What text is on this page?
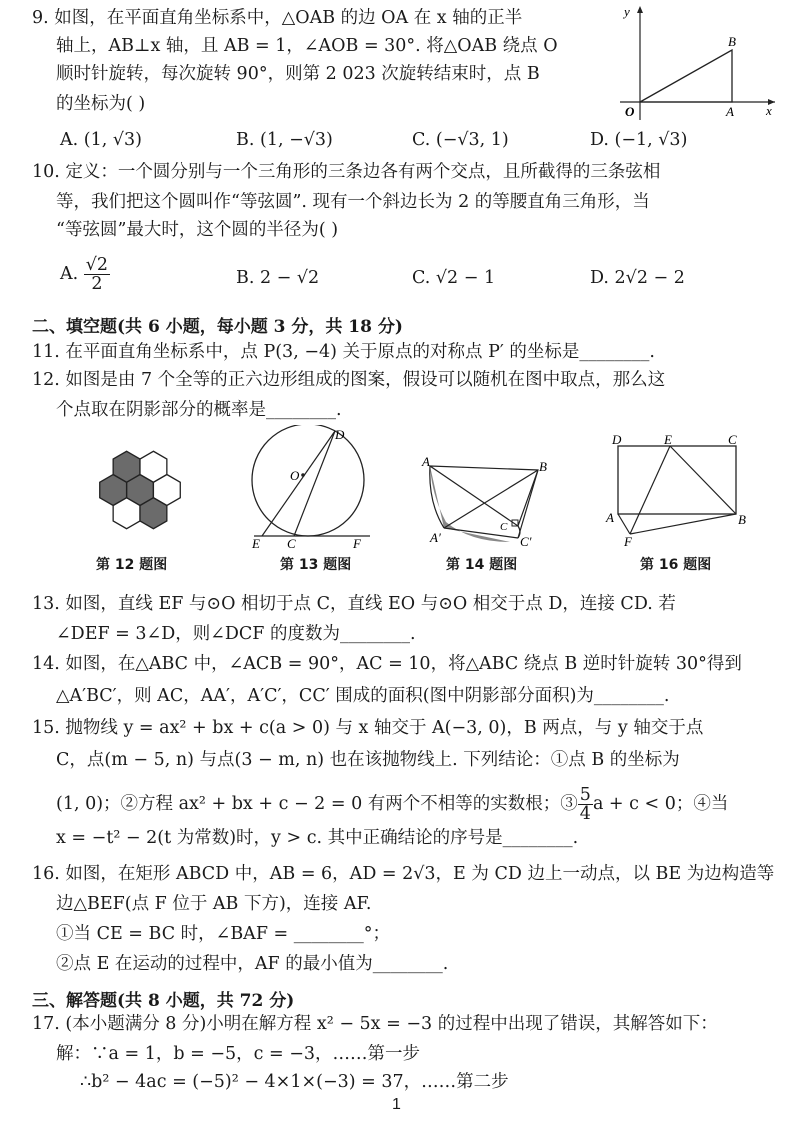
9. 如图，在平面直角坐标系中，△OAB 的边 OA 在 x 轴的正半
轴上，AB⊥x 轴，且 AB = 1，∠AOB = 30°. 将△OAB 绕点 O
顺时针旋转，每次旋转 90°，则第 2 023 次旋转结束时，点 B
的坐标为( )
y
x
O	A
B
A. (1, √3)	B. (1, −√3)	C. (−√3, 1)	D. (−1, √3)
10. 定义：一个圆分别与一个三角形的三条边各有两个交点，且所截得的三条弦相
等，我们把这个圆叫作“等弦圆”. 现有一个斜边长为 2 的等腰直角三角形，当
“等弦圆”最大时，这个圆的半径为( )
A. $\frac{√2}{2}$	B. 2 − √2	C. √2 − 1	D. 2√2 − 2
二、填空题(共 6 小题，每小题 3 分，共 18 分)
11. 在平面直角坐标系中，点 P(3, −4) 关于原点的对称点 P′ 的坐标是________.
12. 如图是由 7 个全等的正六边形组成的图案，假设可以随机在图中取点，那么这
个点取在阴影部分的概率是________.
D
O
E C	F
A	B
A′	C′
C
D	E	C
A	B
F
第 12 题图	第 13 题图	第 14 题图	第 16 题图
13. 如图，直线 EF 与⊙O 相切于点 C，直线 EO 与⊙O 相交于点 D，连接 CD. 若
∠DEF = 3∠D，则∠DCF 的度数为________.
14. 如图，在△ABC 中，∠ACB = 90°，AC = 10，将△ABC 绕点 B 逆时针旋转 30°得到
△A′BC′，则 AC，AA′，A′C′，CC′ 围成的面积(图中阴影部分面积)为________.
15. 抛物线 y = ax² + bx + c(a > 0) 与 x 轴交于 A(−3, 0)，B 两点，与 y 轴交于点
C，点(m − 5, n) 与点(3 − m, n) 也在该抛物线上. 下列结论：①点 B 的坐标为
(1, 0)；②方程 ax² + bx + c − 2 = 0 有两个不相等的实数根；③ $\frac{5}{4}$ a + c < 0；④当
x = −t² − 2(t 为常数)时，y > c. 其中正确结论的序号是________.
16. 如图，在矩形 ABCD 中，AB = 6，AD = 2√3，E 为 CD 边上一动点，以 BE 为边构造等
边△BEF(点 F 位于 AB 下方)，连接 AF.
①当 CE = BC 时，∠BAF = ________°；
②点 E 在运动的过程中，AF 的最小值为________.
三、解答题(共 8 小题，共 72 分)
17. (本小题满分 8 分)小明在解方程 x² − 5x = −3 的过程中出现了错误，其解答如下：
解：∵a = 1，b = −5，c = −3，……第一步
∴b² − 4ac = (−5)² − 4×1×(−3) = 37，……第二步
1
